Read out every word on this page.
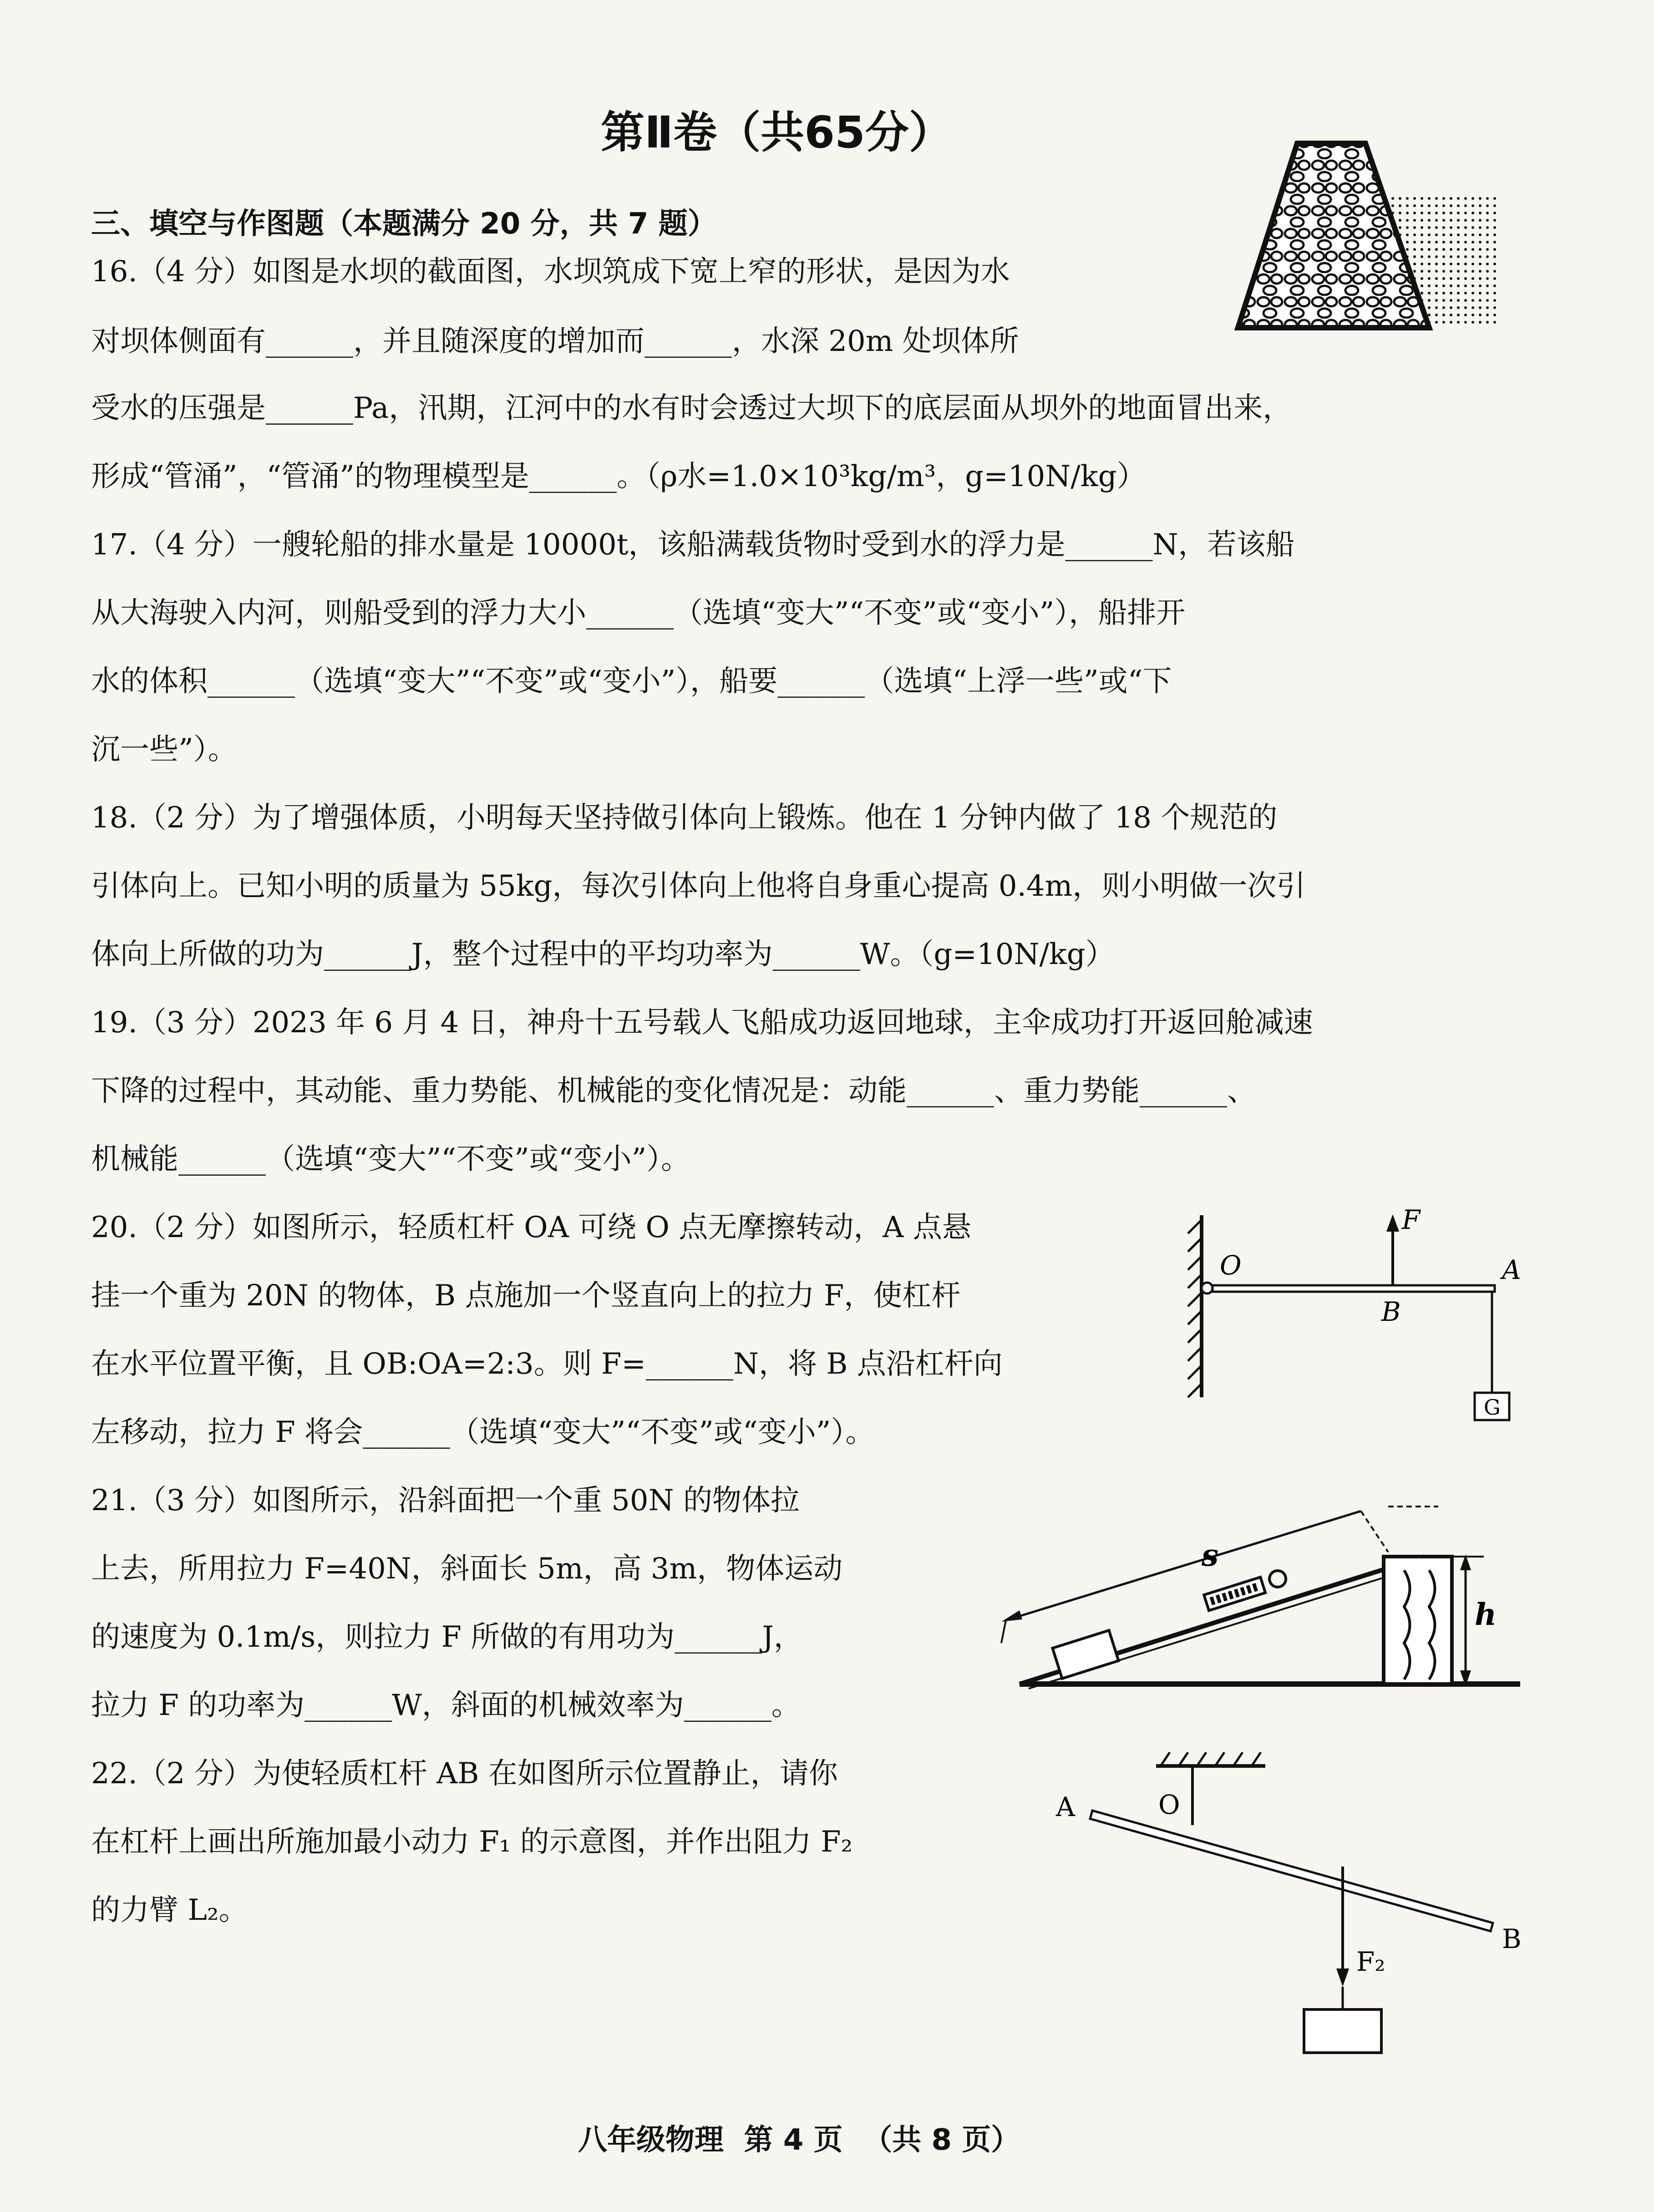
第Ⅱ卷（共65分）
三、填空与作图题（本题满分 20 分，共 7 题）
16.（4 分）如图是水坝的截面图，水坝筑成下宽上窄的形状，是因为水
对坝体侧面有______，并且随深度的增加而______，水深 20m 处坝体所
受水的压强是______Pa，汛期，江河中的水有时会透过大坝下的底层面从坝外的地面冒出来，
形成“管涌”，“管涌”的物理模型是______。（ρ水=1.0×10³kg/m³，g=10N/kg）
17.（4 分）一艘轮船的排水量是 10000t，该船满载货物时受到水的浮力是______N，若该船
从大海驶入内河，则船受到的浮力大小______（选填“变大”“不变”或“变小”），船排开
水的体积______（选填“变大”“不变”或“变小”），船要______（选填“上浮一些”或“下
沉一些”）。
18.（2 分）为了增强体质，小明每天坚持做引体向上锻炼。他在 1 分钟内做了 18 个规范的
引体向上。已知小明的质量为 55kg，每次引体向上他将自身重心提高 0.4m，则小明做一次引
体向上所做的功为______J，整个过程中的平均功率为______W。（g=10N/kg）
19.（3 分）2023 年 6 月 4 日，神舟十五号载人飞船成功返回地球，主伞成功打开返回舱减速
下降的过程中，其动能、重力势能、机械能的变化情况是：动能______、重力势能______、
机械能______（选填“变大”“不变”或“变小”）。
20.（2 分）如图所示，轻质杠杆 OA 可绕 O 点无摩擦转动，A 点悬
挂一个重为 20N 的物体，B 点施加一个竖直向上的拉力 F，使杠杆
在水平位置平衡，且 OB:OA=2:3。则 F=______N，将 B 点沿杠杆向
左移动，拉力 F 将会______（选填“变大”“不变”或“变小”）。
21.（3 分）如图所示，沿斜面把一个重 50N 的物体拉
上去，所用拉力 F=40N，斜面长 5m，高 3m，物体运动
的速度为 0.1m/s，则拉力 F 所做的有用功为______J，
拉力 F 的功率为______W，斜面的机械效率为______。
22.（2 分）为使轻质杠杆 AB 在如图所示位置静止，请你
在杠杆上画出所施加最小动力 F₁ 的示意图，并作出阻力 F₂
的力臂 L₂。
F
O	A
B
G
s
h
A	O
B
F₂
八年级物理  第 4 页  （共 8 页）
